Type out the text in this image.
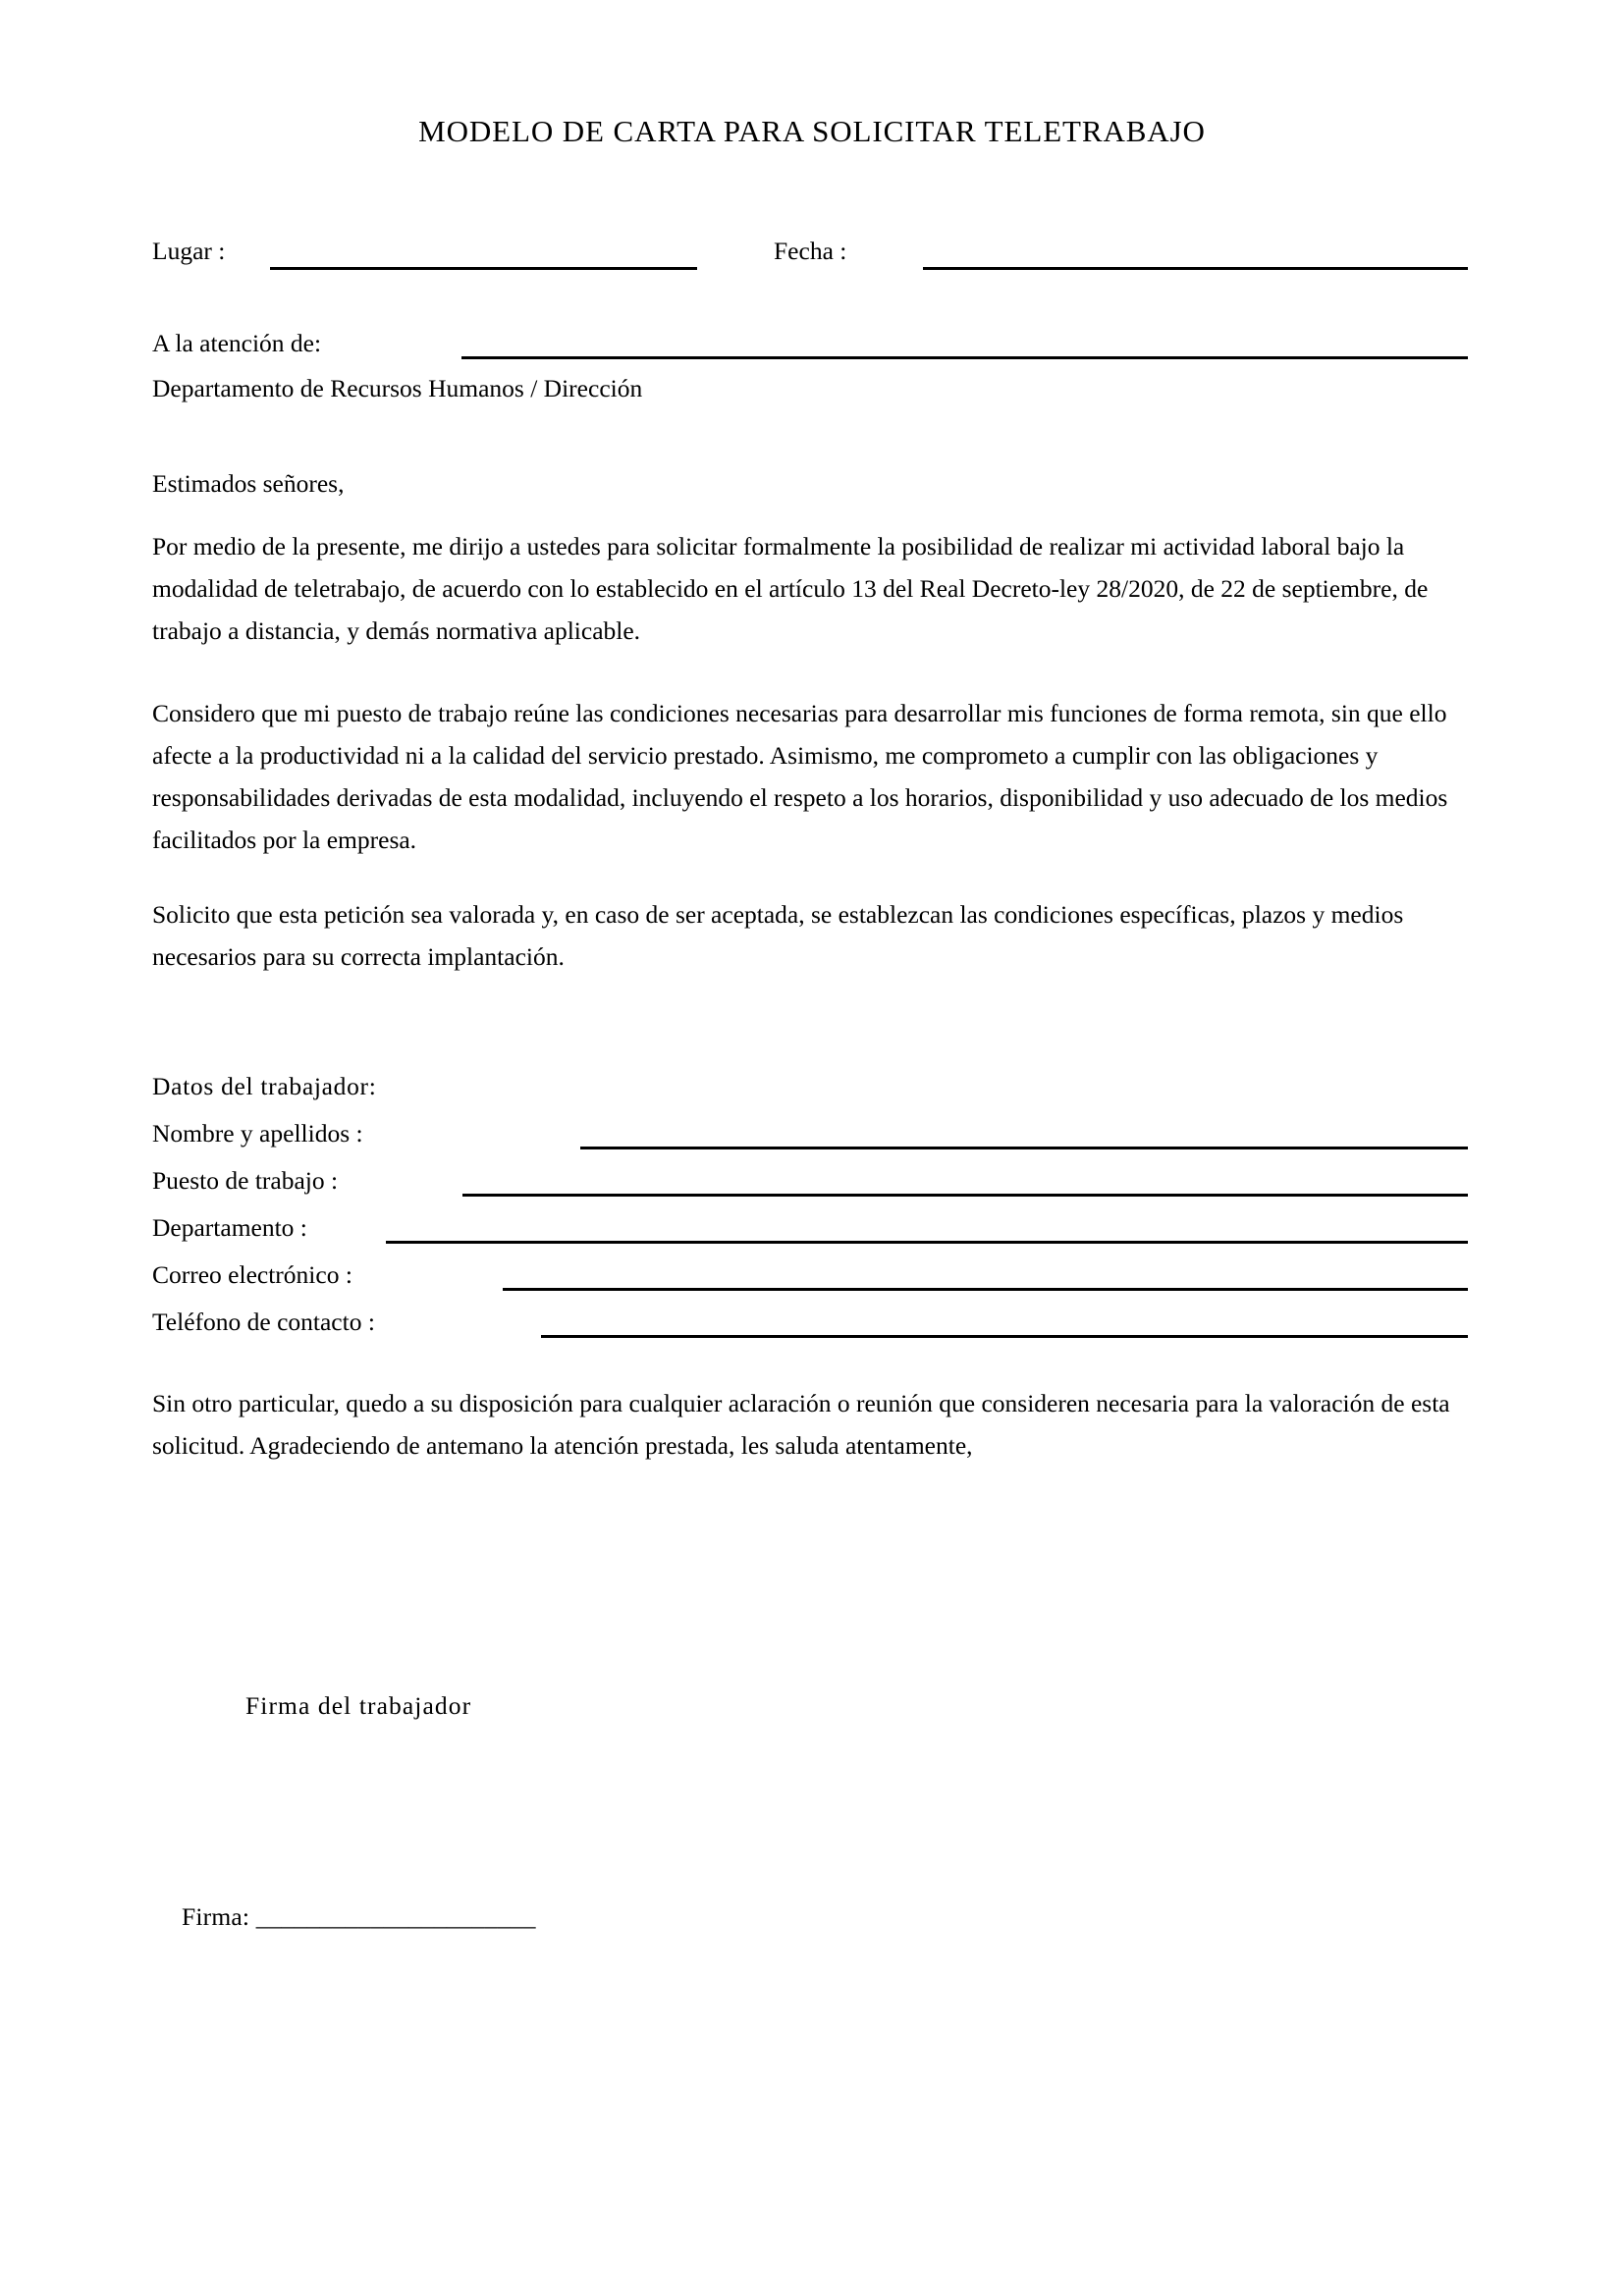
MODELO DE CARTA PARA SOLICITAR TELETRABAJO
Lugar :	Fecha :
A la atención de:
Departamento de Recursos Humanos / Dirección
Estimados señores,
Por medio de la presente, me dirijo a ustedes para solicitar formalmente la posibilidad de realizar mi actividad laboral bajo la modalidad de teletrabajo, de acuerdo con lo establecido en el artículo 13 del Real Decreto-ley 28/2020, de 22 de septiembre, de trabajo a distancia, y demás normativa aplicable.
Considero que mi puesto de trabajo reúne las condiciones necesarias para desarrollar mis funciones de forma remota, sin que ello afecte a la productividad ni a la calidad del servicio prestado. Asimismo, me comprometo a cumplir con las obligaciones y responsabilidades derivadas de esta modalidad, incluyendo el respeto a los horarios, disponibilidad y uso adecuado de los medios facilitados por la empresa.
Solicito que esta petición sea valorada y, en caso de ser aceptada, se establezcan las condiciones específicas, plazos y medios necesarios para su correcta implantación.
Datos del trabajador:
Nombre y apellidos :
Puesto de trabajo :
Departamento :
Correo electrónico :
Teléfono de contacto :
Sin otro particular, quedo a su disposición para cualquier aclaración o reunión que consideren necesaria para la valoración de esta solicitud. Agradeciendo de antemano la atención prestada, les saluda atentamente,
Firma del trabajador
Firma: ______________________
